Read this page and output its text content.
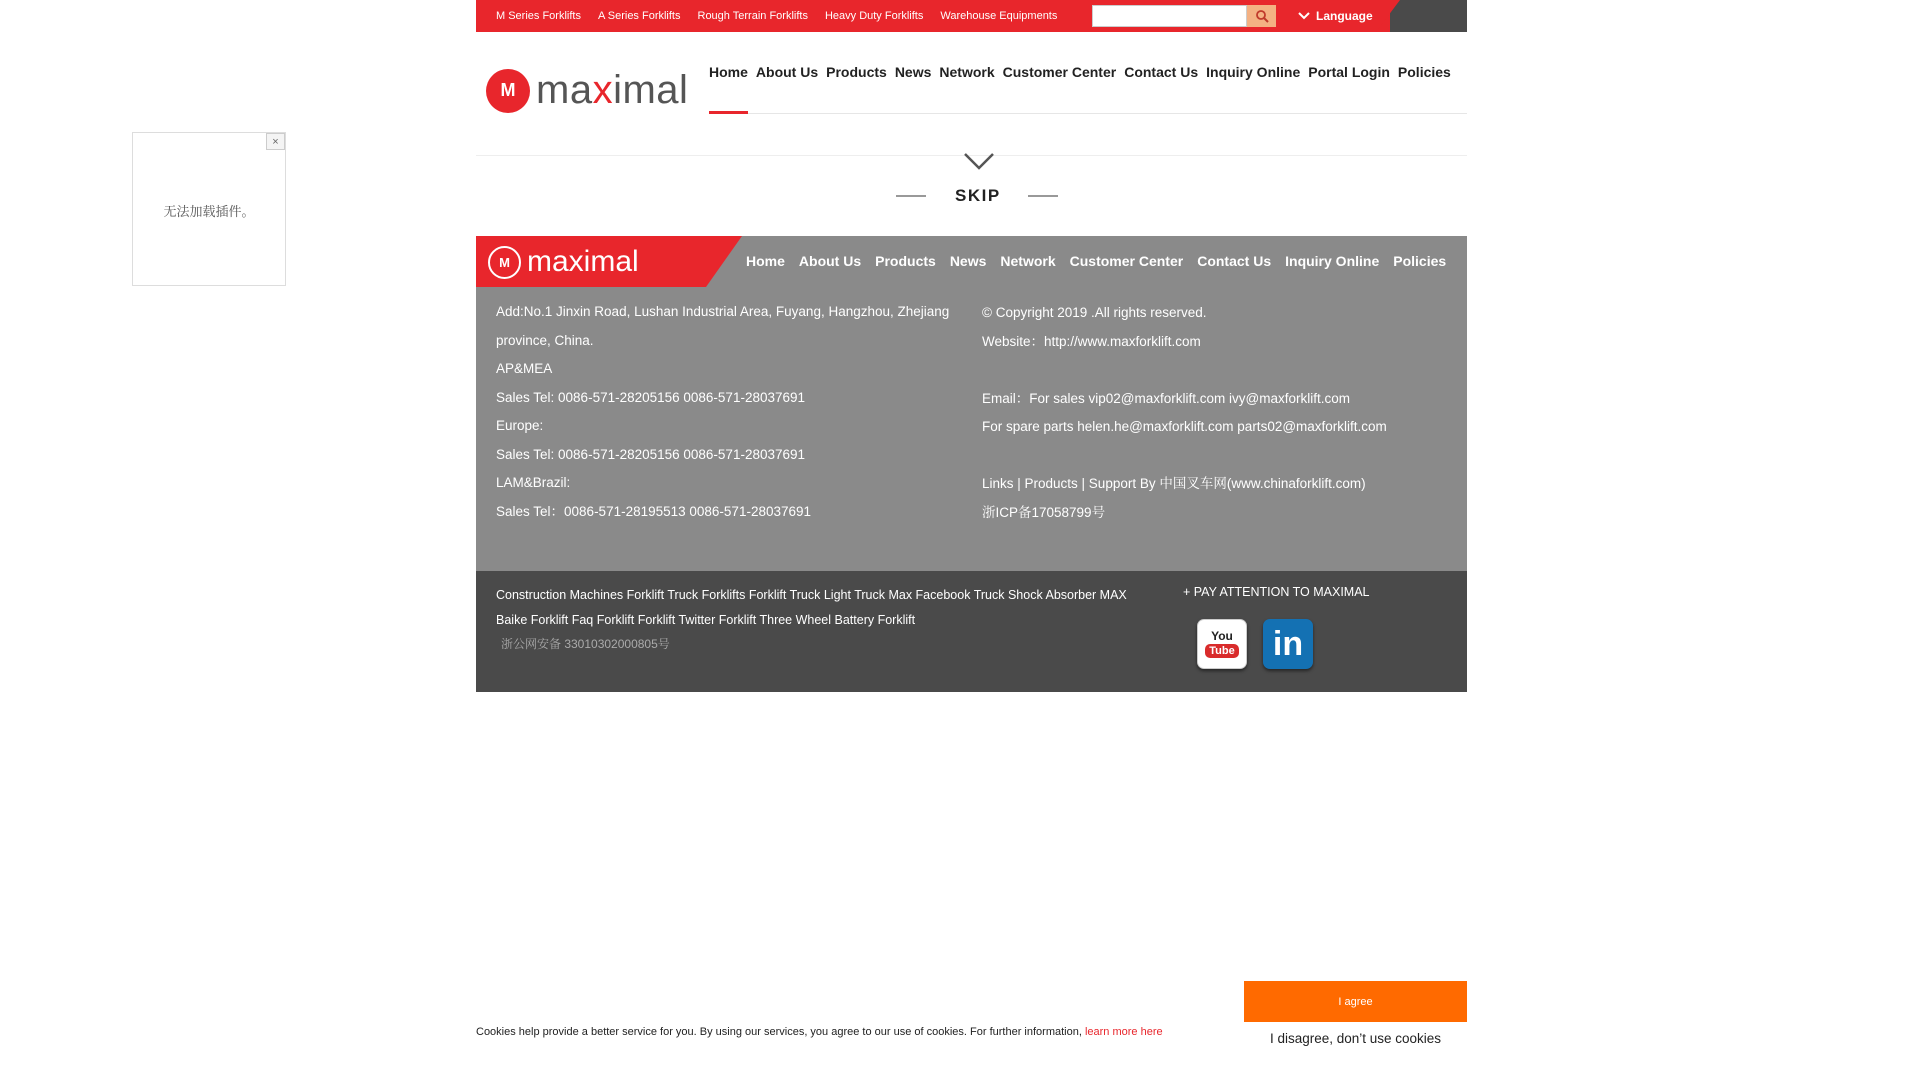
M Series Forklifts A Series Forklifts Rough Terrain Forklifts Heavy Duty Forklifts Warehouse Equipments	Language
M maximal Home About Us Products News Network Customer Center Contact Us Inquiry Online Portal Login Policies
SKIP
×
无法加载插件。
M maximal	Home About Us Products News Network Customer Center Contact Us Inquiry Online Policies

Add:No.1 Jinxin Road, Lushan Industrial Area, Fuyang, Hangzhou, Zhejiang

province, China.

AP&MEA

Sales Tel: 0086-571-28205156 0086-571-28037691

Europe:

Sales Tel: 0086-571-28205156 0086-571-28037691

LAM&Brazil:

Sales Tel：0086-571-28195513 0086-571-28037691

© Copyright 2019 .All rights reserved.

Website：http://www.maxforklift.com

Email：For sales vip02@maxforklift.com ivy@maxforklift.com

For spare parts helen.he@maxforklift.com parts02@maxforklift.com

Links | Products | Support By 中国叉车网(www.chinaforklift.com)

浙ICP备17058799号

Construction Machines Forklift Truck Forklifts Forklift Truck Light Truck Max Facebook Truck Shock Absorber MAX Baike Forklift Faq Forklift Forklift Twitter Forklift Three Wheel Battery Forklift
浙公网安备 33010302000805号
+ PAY ATTENTION TO MAXIMAL
You
Tube in
Cookies help provide a better service for you. By using our services, you agree to our use of cookies. For further information, learn more here
I agree
I disagree, don’t use cookies
